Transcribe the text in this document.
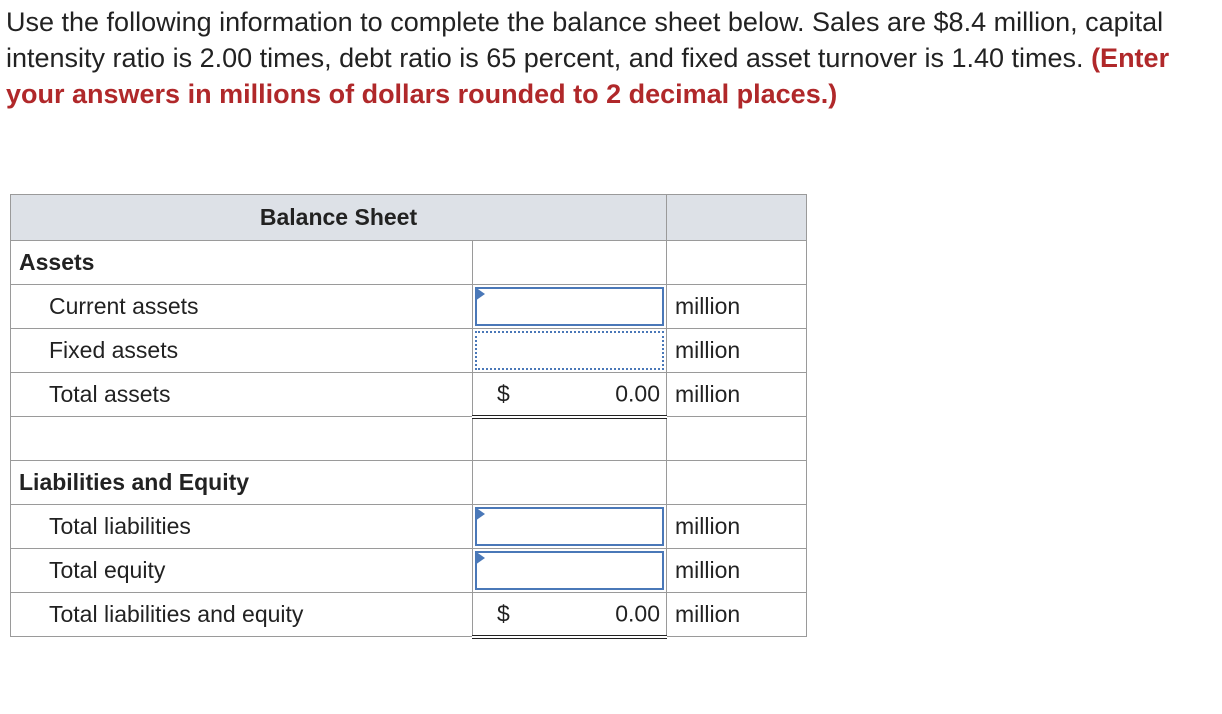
Use the following information to complete the balance sheet below. Sales are $8.4 million, capital intensity ratio is 2.00 times, debt ratio is 65 percent, and fixed asset turnover is 1.40 times. (Enter your answers in millions of dollars rounded to 2 decimal places.)
Balance Sheet		
Assets		
Current assets		million
Fixed assets		million
Total assets	$ 0.00	million

Liabilities and Equity		
Total liabilities		million
Total equity		million
Total liabilities and equity	$ 0.00	million
